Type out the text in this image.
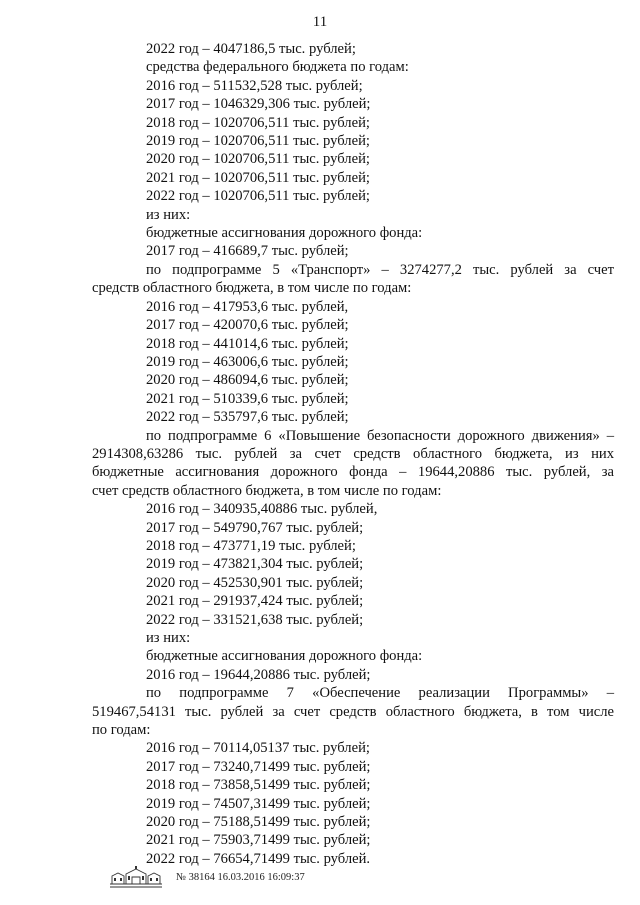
11
2022 год – 4047186,5 тыс. рублей;
средства федерального бюджета по годам:
2016 год – 511532,528 тыс. рублей;
2017 год – 1046329,306 тыс. рублей;
2018 год – 1020706,511 тыс. рублей;
2019 год – 1020706,511 тыс. рублей;
2020 год – 1020706,511 тыс. рублей;
2021 год – 1020706,511 тыс. рублей;
2022 год – 1020706,511 тыс. рублей;
из них:
бюджетные ассигнования дорожного фонда:
2017 год – 416689,7 тыс. рублей;
по подпрограмме 5 «Транспорт» – 3274277,2 тыс. рублей за счет
средств областного бюджета, в том числе по годам:
2016 год – 417953,6 тыс. рублей,
2017 год – 420070,6 тыс. рублей;
2018 год – 441014,6 тыс. рублей;
2019 год – 463006,6 тыс. рублей;
2020 год – 486094,6 тыс. рублей;
2021 год – 510339,6 тыс. рублей;
2022 год – 535797,6 тыс. рублей;
по подпрограмме 6 «Повышение безопасности дорожного движения» –
2914308,63286 тыс. рублей за счет средств областного бюджета, из них
бюджетные ассигнования дорожного фонда – 19644,20886 тыс. рублей, за
счет средств областного бюджета, в том числе по годам:
2016 год – 340935,40886 тыс. рублей,
2017 год – 549790,767 тыс. рублей;
2018 год – 473771,19 тыс. рублей;
2019 год – 473821,304 тыс. рублей;
2020 год – 452530,901 тыс. рублей;
2021 год – 291937,424 тыс. рублей;
2022 год – 331521,638 тыс. рублей;
из них:
бюджетные ассигнования дорожного фонда:
2016 год – 19644,20886 тыс. рублей;
по подпрограмме 7 «Обеспечение реализации Программы» –
519467,54131 тыс. рублей за счет средств областного бюджета, в том числе
по годам:
2016 год – 70114,05137 тыс. рублей;
2017 год – 73240,71499 тыс. рублей;
2018 год – 73858,51499 тыс. рублей;
2019 год – 74507,31499 тыс. рублей;
2020 год – 75188,51499 тыс. рублей;
2021 год – 75903,71499 тыс. рублей;
2022 год – 76654,71499 тыс. рублей.
№ 38164 16.03.2016 16:09:37
